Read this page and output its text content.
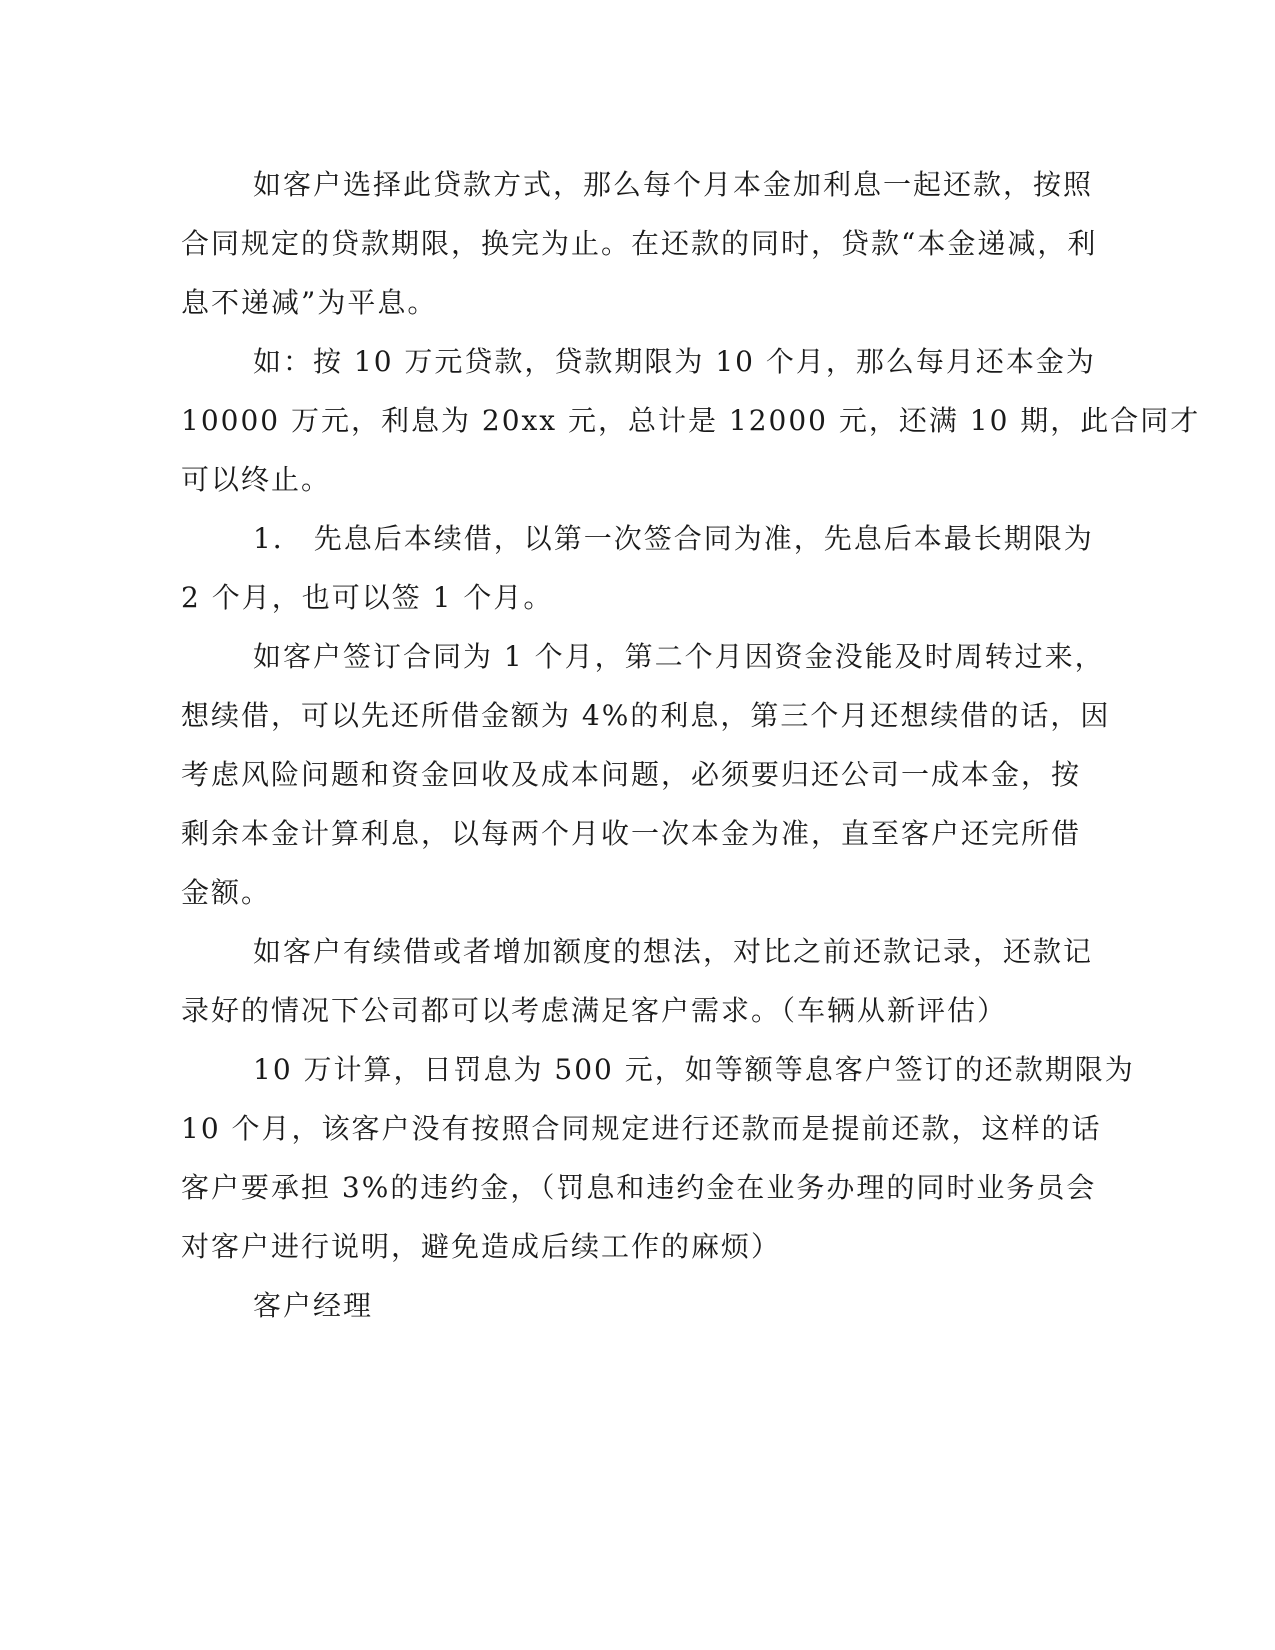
如客户选择此贷款方式，那么每个月本金加利息一起还款，按照
合同规定的贷款期限，换完为止。在还款的同时，贷款“本金递减，利
息不递减”为平息。

如：按 10 万元贷款，贷款期限为 10 个月，那么每月还本金为
10000 万元，利息为 20xx 元，总计是 12000 元，还满 10 期，此合同才
可以终止。

1． 先息后本续借，以第一次签合同为准，先息后本最长期限为
2 个月，也可以签 1 个月。

如客户签订合同为 1 个月，第二个月因资金没能及时周转过来，
想续借，可以先还所借金额为 4%的利息，第三个月还想续借的话，因
考虑风险问题和资金回收及成本问题，必须要归还公司一成本金，按
剩余本金计算利息，以每两个月收一次本金为准，直至客户还完所借
金额。

如客户有续借或者增加额度的想法，对比之前还款记录，还款记
录好的情况下公司都可以考虑满足客户需求。（车辆从新评估）

10 万计算，日罚息为 500 元，如等额等息客户签订的还款期限为
10 个月，该客户没有按照合同规定进行还款而是提前还款，这样的话
客户要承担 3%的违约金，（罚息和违约金在业务办理的同时业务员会
对客户进行说明，避免造成后续工作的麻烦）

客户经理
